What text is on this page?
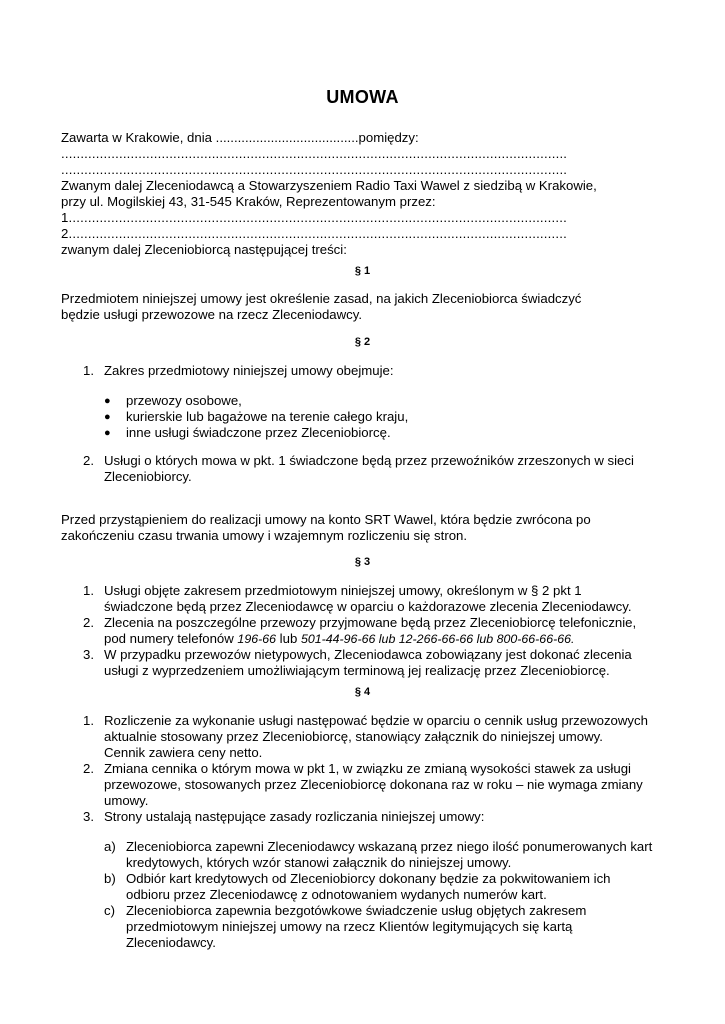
UMOWA
Zawarta w Krakowie, dnia .......................................pomiędzy:
...................................................................................................................................
...................................................................................................................................
Zwanym dalej Zleceniodawcą a Stowarzyszeniem Radio Taxi Wawel z siedzibą w Krakowie,
przy ul. Mogilskiej 43, 31-545 Kraków, Reprezentowanym przez:
1.................................................................................................................................
2.................................................................................................................................
zwanym dalej Zleceniobiorcą następującej treści:
§ 1
Przedmiotem niniejszej umowy jest określenie zasad, na jakich Zleceniobiorca świadczyć
będzie usługi przewozowe na rzecz Zleceniodawcy.
§ 2
1. Zakres przedmiotowy niniejszej umowy obejmuje:
● przewozy osobowe,
● kurierskie lub bagażowe na terenie całego kraju,
● inne usługi świadczone przez Zleceniobiorcę.
2. Usługi o których mowa w pkt. 1 świadczone będą przez przewoźników zrzeszonych w sieci
Zleceniobiorcy.
Przed przystąpieniem do realizacji umowy na konto SRT Wawel, która będzie zwrócona po
zakończeniu czasu trwania umowy i wzajemnym rozliczeniu się stron.
§ 3
1. Usługi objęte zakresem przedmiotowym niniejszej umowy, określonym w § 2 pkt 1
świadczone będą przez Zleceniodawcę w oparciu o każdorazowe zlecenia Zleceniodawcy.
2. Zlecenia na poszczególne przewozy przyjmowane będą przez Zleceniobiorcę telefonicznie,
pod numery telefonów 196-66 lub 501-44-96-66 lub 12-266-66-66 lub 800-66-66-66.
3. W przypadku przewozów nietypowych, Zleceniodawca zobowiązany jest dokonać zlecenia
usługi z wyprzedzeniem umożliwiającym terminową jej realizację przez Zleceniobiorcę.
§ 4
1. Rozliczenie za wykonanie usługi następować będzie w oparciu o cennik usług przewozowych
aktualnie stosowany przez Zleceniobiorcę, stanowiący załącznik do niniejszej umowy.
Cennik zawiera ceny netto.
2. Zmiana cennika o którym mowa w pkt 1, w związku ze zmianą wysokości stawek za usługi
przewozowe, stosowanych przez Zleceniobiorcę dokonana raz w roku – nie wymaga zmiany
umowy.
3. Strony ustalają następujące zasady rozliczania niniejszej umowy:
a) Zleceniobiorca zapewni Zleceniodawcy wskazaną przez niego ilość ponumerowanych kart
kredytowych, których wzór stanowi załącznik do niniejszej umowy.
b) Odbiór kart kredytowych od Zleceniobiorcy dokonany będzie za pokwitowaniem ich
odbioru przez Zleceniodawcę z odnotowaniem wydanych numerów kart.
c) Zleceniobiorca zapewnia bezgotówkowe świadczenie usług objętych zakresem
przedmiotowym niniejszej umowy na rzecz Klientów legitymujących się kartą
Zleceniodawcy.
